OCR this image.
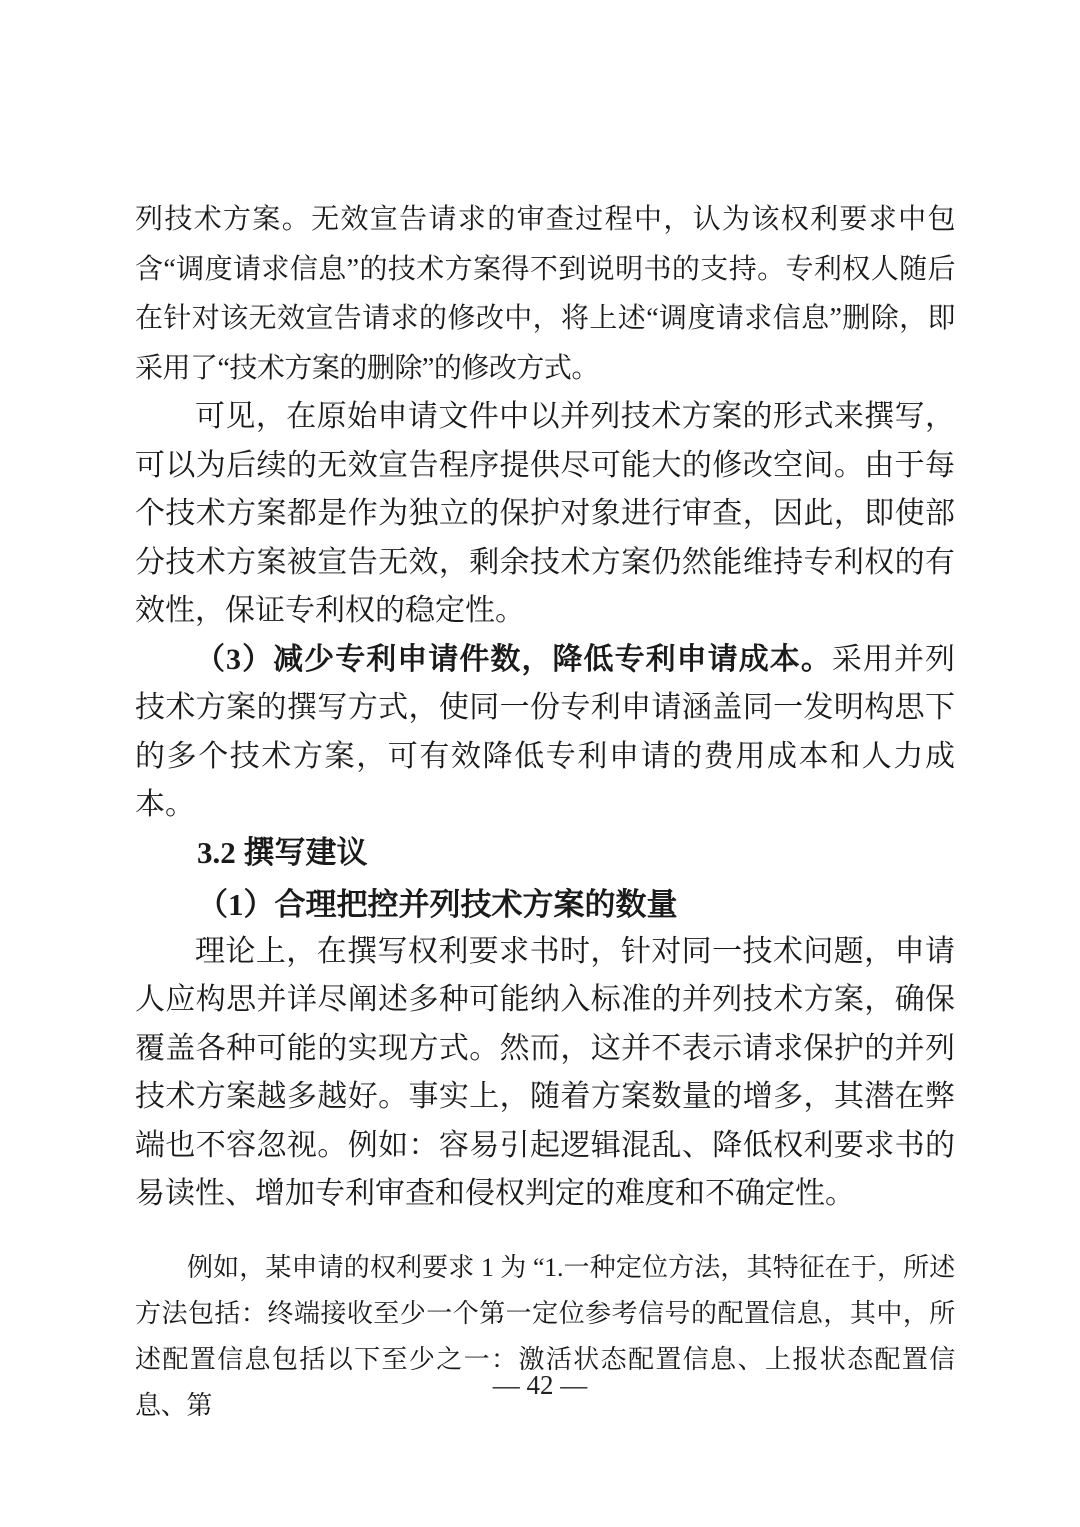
列技术方案。无效宣告请求的审查过程中，认为该权利要求中包含“调度请求信息”的技术方案得不到说明书的支持。专利权人随后在针对该无效宣告请求的修改中，将上述“调度请求信息”删除，即采用了“技术方案的删除”的修改方式。

可见，在原始申请文件中以并列技术方案的形式来撰写，可以为后续的无效宣告程序提供尽可能大的修改空间。由于每个技术方案都是作为独立的保护对象进行审查，因此，即使部分技术方案被宣告无效，剩余技术方案仍然能维持专利权的有效性，保证专利权的稳定性。

（3）减少专利申请件数，降低专利申请成本。采用并列技术方案的撰写方式，使同一份专利申请涵盖同一发明构思下的多个技术方案，可有效降低专利申请的费用成本和人力成本。

3.2 撰写建议
（1）合理把控并列技术方案的数量

理论上，在撰写权利要求书时，针对同一技术问题，申请人应构思并详尽阐述多种可能纳入标准的并列技术方案，确保覆盖各种可能的实现方式。然而，这并不表示请求保护的并列技术方案越多越好。事实上，随着方案数量的增多，其潜在弊端也不容忽视。例如：容易引起逻辑混乱、降低权利要求书的易读性、增加专利审查和侵权判定的难度和不确定性。

例如，某申请的权利要求 1 为 “1.一种定位方法，其特征在于，所述方法包括：终端接收至少一个第一定位参考信号的配置信息，其中，所述配置信息包括以下至少之一：激活状态配置信息、上报状态配置信息、第

— 42 —
